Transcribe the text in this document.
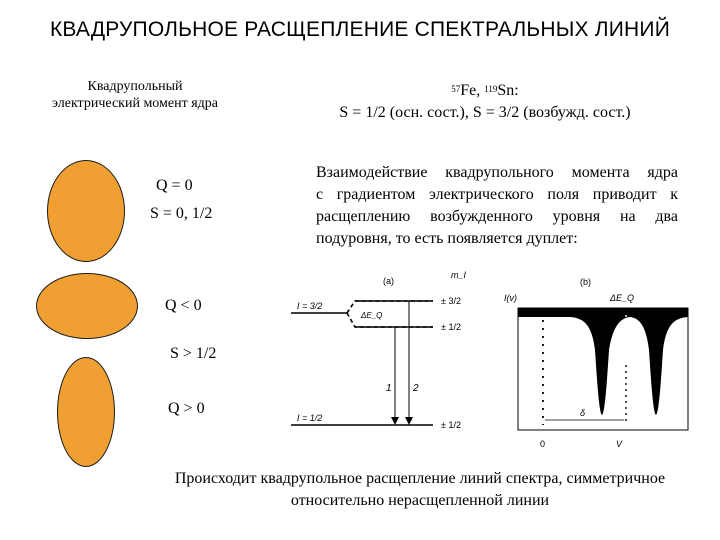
КВАДРУПОЛЬНОЕ РАСЩЕПЛЕНИЕ СПЕКТРАЛЬНЫХ ЛИНИЙ
Квадрупольный
электрический момент ядра
$^{57}$Fe, $^{119}$Sn:
S = 1/2 (осн. сост.), S = 3/2 (возбужд. сост.)
Q = 0
S = 0, 1/2
Q < 0
S > 1/2
Q > 0
Взаимодействие квадрупольного момента ядра
с градиентом электрического поля приводит к
расщеплению возбужденного уровня на два
подуровня, то есть появляется дуплет:
(a)
m_I
I = 3/2
I = 1/2
± 3/2
± 1/2
± 1/2
ΔE_Q
1 2
(b)
I(v)	ΔE_Q
δ
0	V
Происходит квадрупольное расщепление линий спектра, симметричное
относительно нерасщепленной линии
